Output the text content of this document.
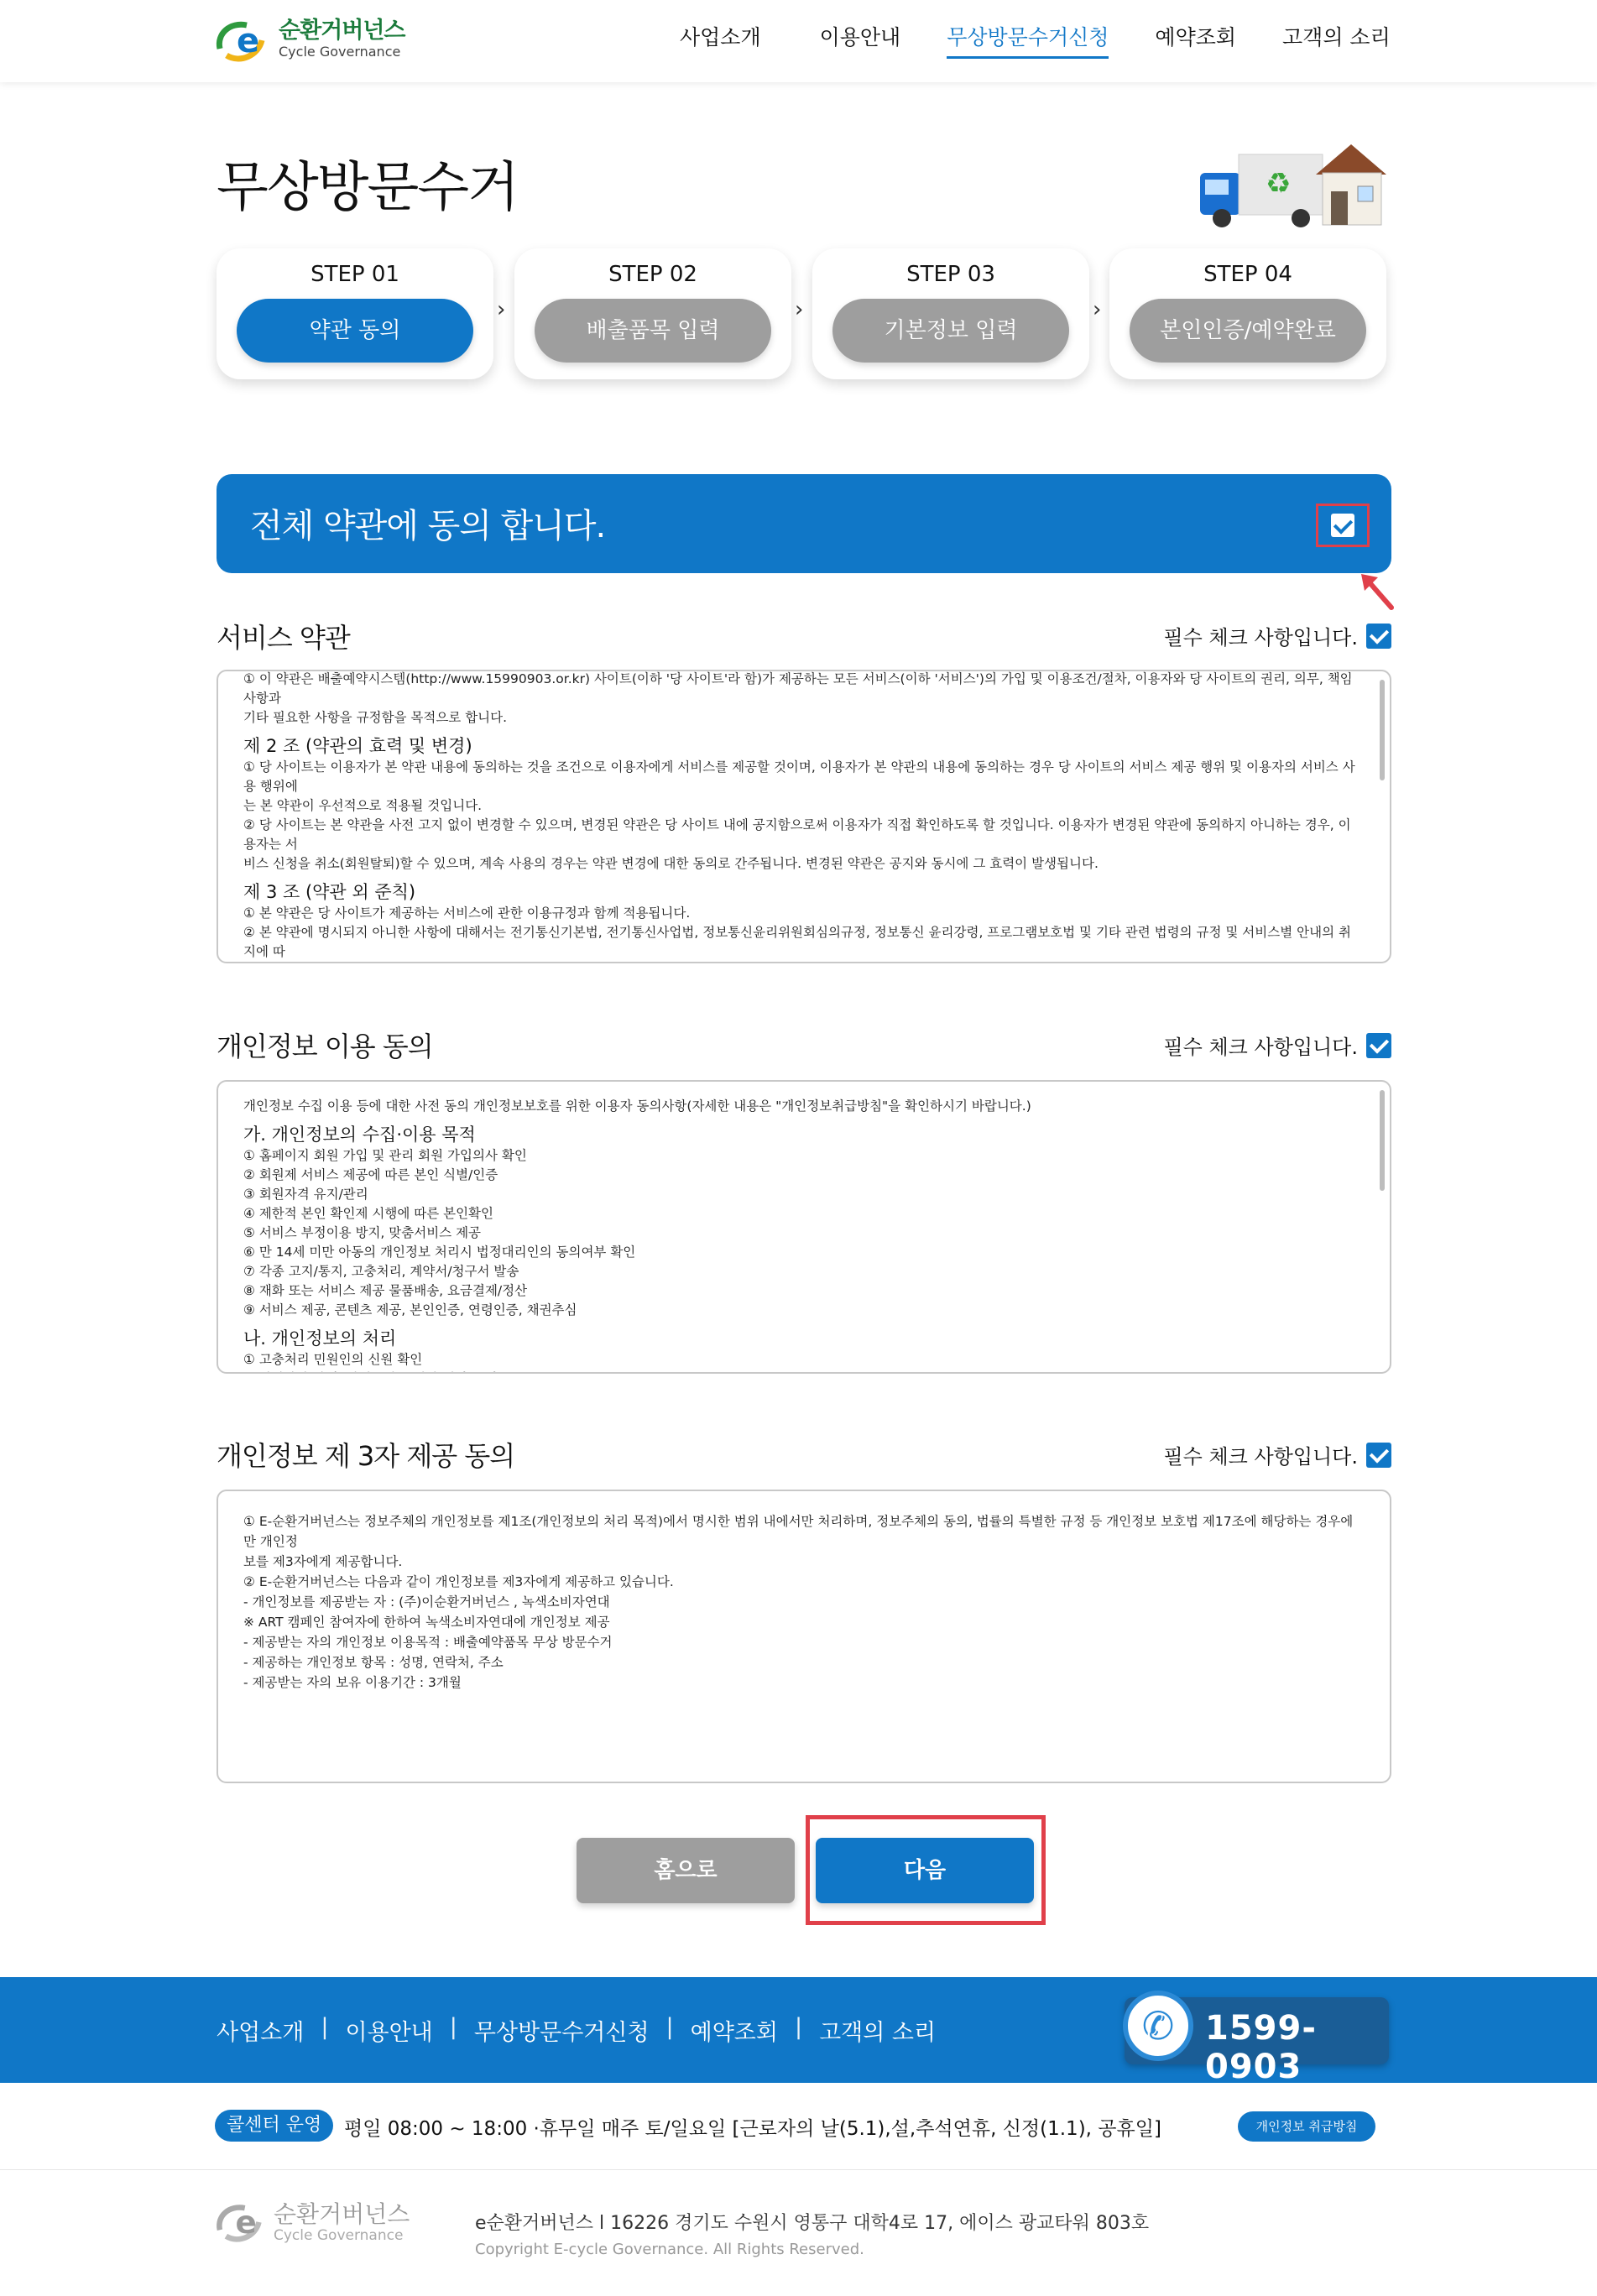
e 순환거버넌스
Cycle Governance
사업소개	이용안내 무상방문수거신청 예약조회 고객의 소리
무상방문수거	♻
STEP 01
약관 동의
›
STEP 02
배출품목 입력
›
STEP 03
기본정보 입력
›
STEP 04
본인인증/예약완료
전체 약관에 동의 합니다.
서비스 약관	필수 체크 사항입니다.

① 이 약관은 배출예약시스템(http://www.15990903.or.kr) 사이트(이하 '당 사이트'라 함)가 제공하는 모든 서비스(이하 '서비스')의 가입 및 이용조건/절차, 이용자와 당 사이트의 권리, 의무, 책임사항과

기타 필요한 사항을 규정함을 목적으로 합니다.

제 2 조 (약관의 효력 및 변경)

① 당 사이트는 이용자가 본 약관 내용에 동의하는 것을 조건으로 이용자에게 서비스를 제공할 것이며, 이용자가 본 약관의 내용에 동의하는 경우 당 사이트의 서비스 제공 행위 및 이용자의 서비스 사용 행위에

는 본 약관이 우선적으로 적용될 것입니다.

② 당 사이트는 본 약관을 사전 고지 없이 변경할 수 있으며, 변경된 약관은 당 사이트 내에 공지함으로써 이용자가 직접 확인하도록 할 것입니다. 이용자가 변경된 약관에 동의하지 아니하는 경우, 이용자는 서

비스 신청을 취소(회원탈퇴)할 수 있으며, 계속 사용의 경우는 약관 변경에 대한 동의로 간주됩니다. 변경된 약관은 공지와 동시에 그 효력이 발생됩니다.

제 3 조 (약관 외 준칙)

① 본 약관은 당 사이트가 제공하는 서비스에 관한 이용규정과 함께 적용됩니다.

② 본 약관에 명시되지 아니한 사항에 대해서는 전기통신기본법, 전기통신사업법, 정보통신윤리위원회심의규정, 정보통신 윤리강령, 프로그램보호법 및 기타 관련 법령의 규정 및 서비스별 안내의 취지에 따

개인정보 이용 동의	필수 체크 사항입니다.

개인정보 수집 이용 등에 대한 사전 동의 개인정보보호를 위한 이용자 동의사항(자세한 내용은 "개인정보취급방침"을 확인하시기 바랍니다.)

가. 개인정보의 수집·이용 목적

① 홈페이지 회원 가입 및 관리 회원 가입의사 확인

② 회원제 서비스 제공에 따른 본인 식별/인증

③ 회원자격 유지/관리

④ 제한적 본인 확인제 시행에 따른 본인확인

⑤ 서비스 부정이용 방지, 맞춤서비스 제공

⑥ 만 14세 미만 아동의 개인정보 처리시 법정대리인의 동의여부 확인

⑦ 각종 고지/통지, 고충처리, 계약서/청구서 발송

⑧ 재화 또는 서비스 제공 물품배송, 요금결제/정산

⑨ 서비스 제공, 콘텐츠 제공, 본인인증, 연령인증, 채권추심

나. 개인정보의 처리

① 고충처리 민원인의 신원 확인

개인정보 제 3자 제공 동의	필수 체크 사항입니다.

① E-순환거버넌스는 정보주체의 개인정보를 제1조(개인정보의 처리 목적)에서 명시한 범위 내에서만 처리하며, 정보주체의 동의, 법률의 특별한 규정 등 개인정보 보호법 제17조에 해당하는 경우에만 개인정

보를 제3자에게 제공합니다.

② E-순환거버넌스는 다음과 같이 개인정보를 제3자에게 제공하고 있습니다.

- 개인정보를 제공받는 자 : (주)이순환거버넌스 , 녹색소비자연대

※ ART 캠페인 참여자에 한하여 녹색소비자연대에 개인정보 제공

- 제공받는 자의 개인정보 이용목적 : 배출예약품목 무상 방문수거

- 제공하는 개인정보 항목 : 성명, 연락처, 주소

- 제공받는 자의 보유 이용기간 : 3개월

홈으로	다음
사업소개 | 이용안내 | 무상방문수거신청 | 예약조회 | 고객의 소리	✆ 1599-0903
콜센터 운영	평일 08:00 ~ 18:00 ·휴무일 매주 토/일요일 [근로자의 날(5.1),설,추석연휴, 신정(1.1), 공휴일]	개인정보 취급방침
e 순환거버넌스
Cycle Governance
e순환거버넌스 l 16226 경기도 수원시 영통구 대학4로 17, 에이스 광교타워 803호
Copyright E-cycle Governance. All Rights Reserved.
